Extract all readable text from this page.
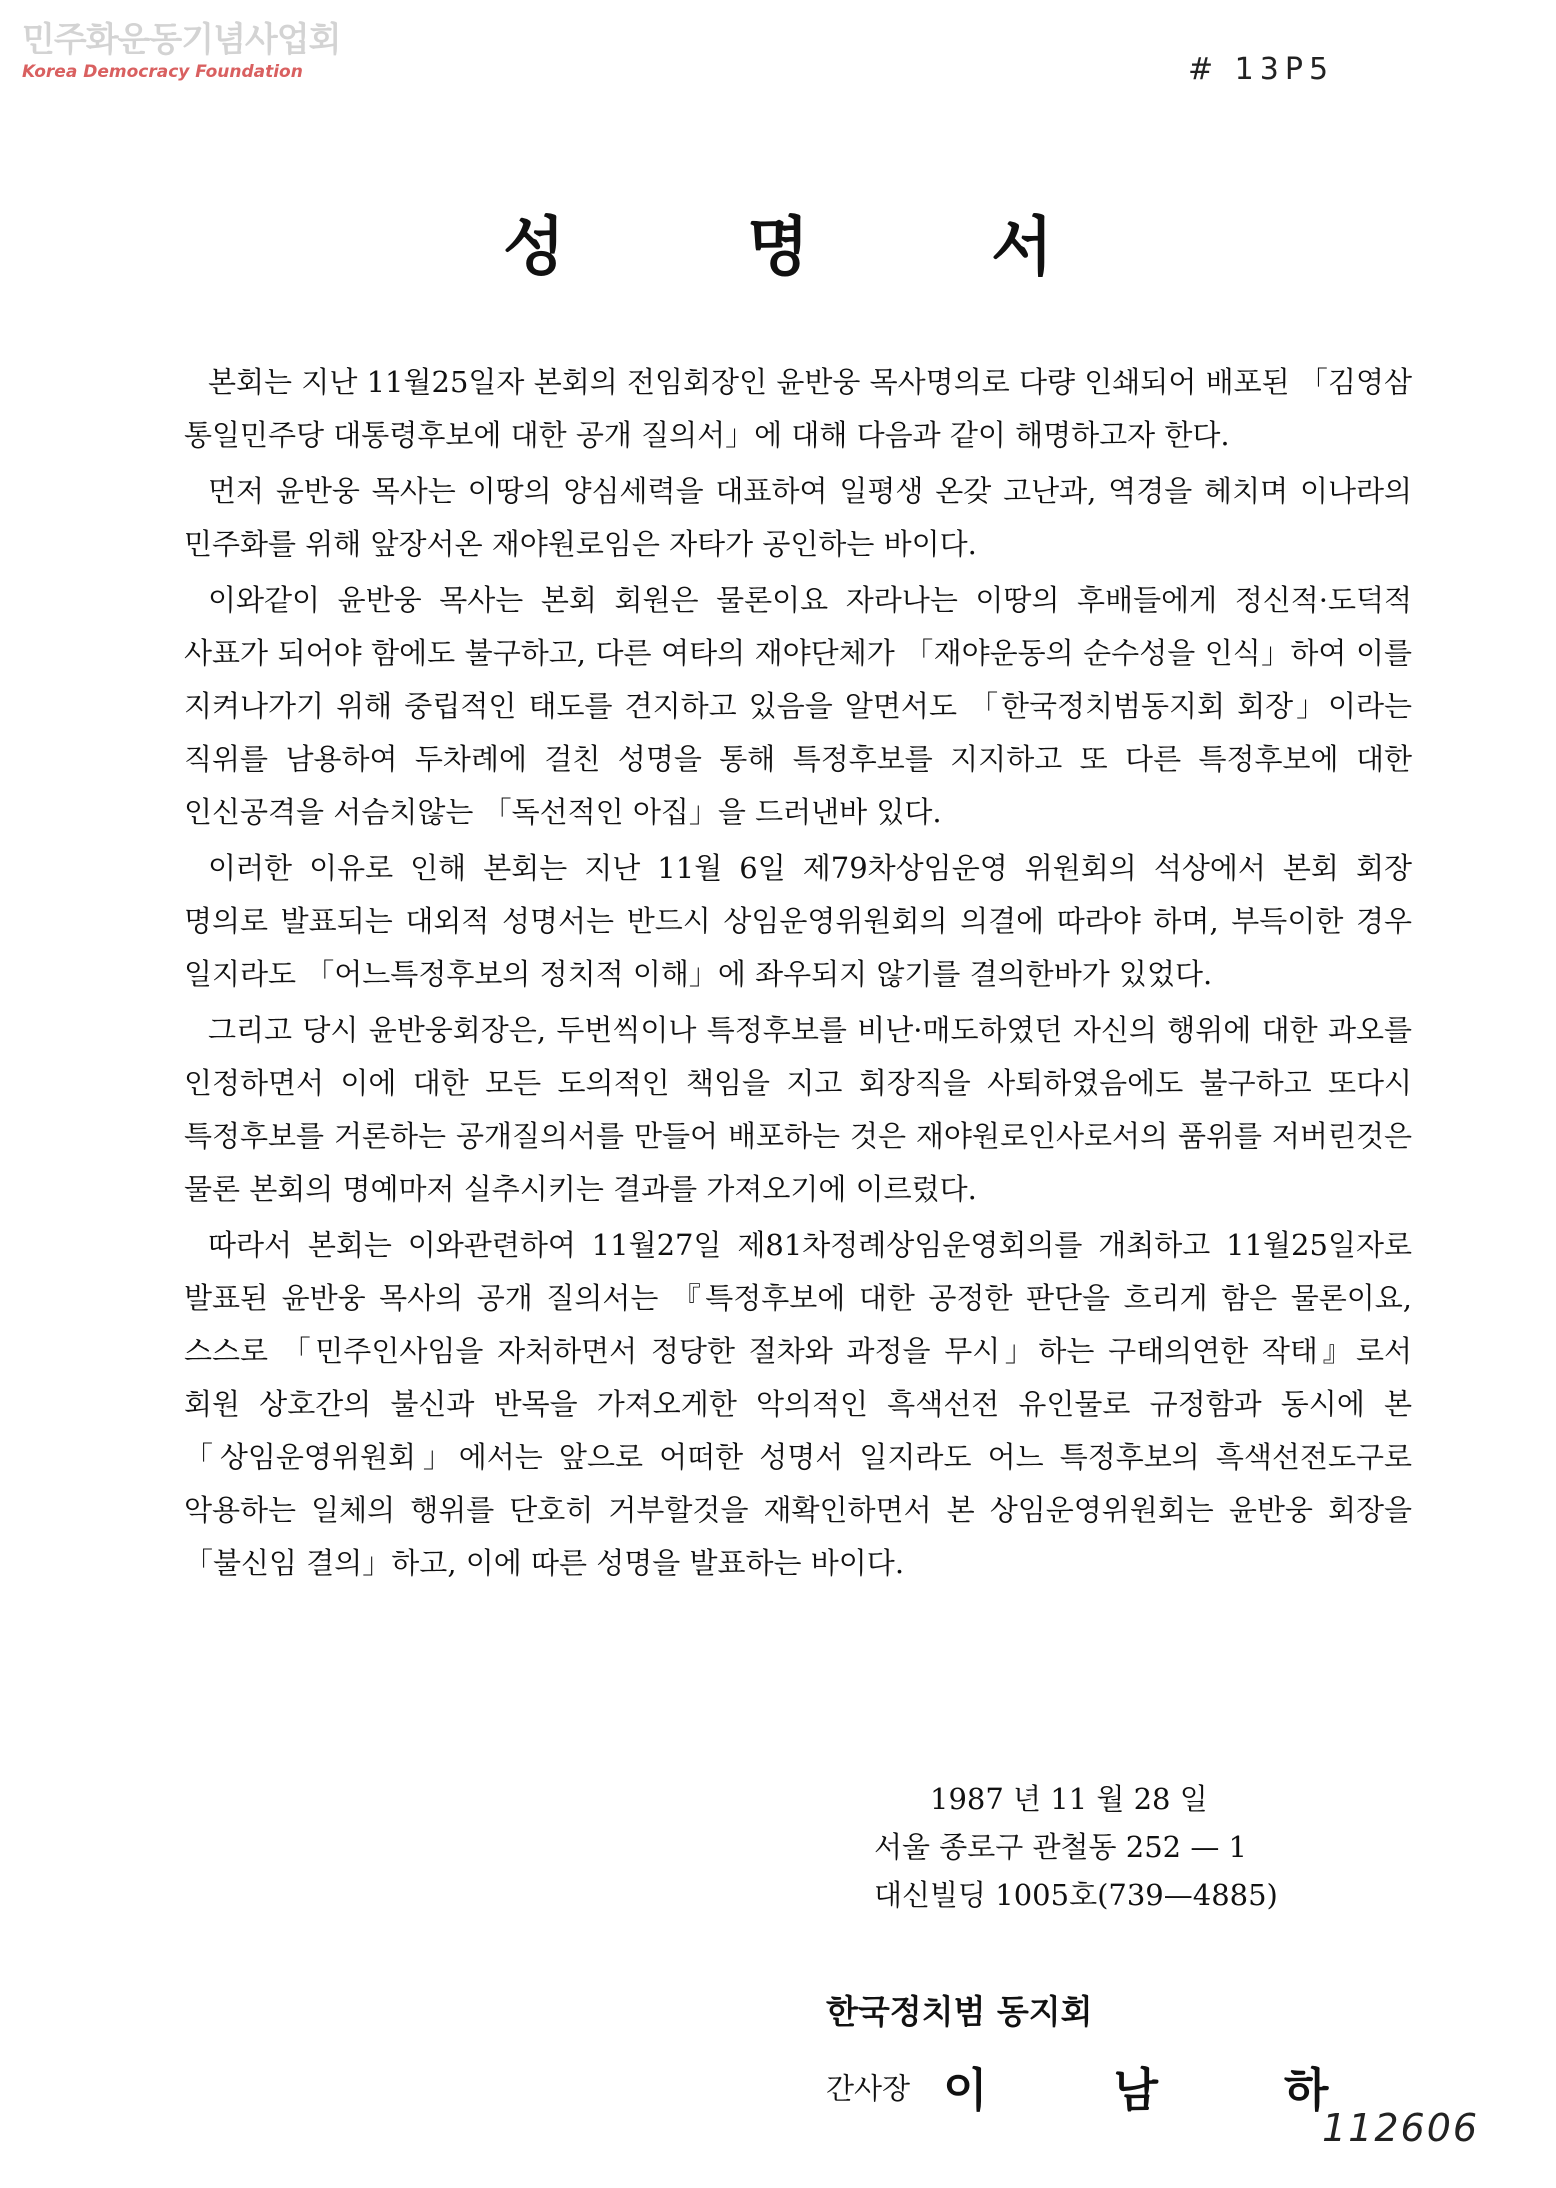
민주화운동기념사업회
Korea Democracy Foundation	# 13P5
성 명 서

본회는 지난 11월25일자 본회의 전임회장인 윤반웅 목사명의로 다량 인쇄되어 배포된 「김영삼 통일민주당 대통령후보에 대한 공개 질의서」에 대해 다음과 같이 해명하고자 한다.

먼저 윤반웅 목사는 이땅의 양심세력을 대표하여 일평생 온갖 고난과, 역경을 헤치며 이나라의 민주화를 위해 앞장서온 재야원로임은 자타가 공인하는 바이다.

이와같이 윤반웅 목사는 본회 회원은 물론이요 자라나는 이땅의 후배들에게 정신적·도덕적 사표가 되어야 함에도 불구하고, 다른 여타의 재야단체가 「재야운동의 순수성을 인식」하여 이를 지켜나가기 위해 중립적인 태도를 견지하고 있음을 알면서도 「한국정치범동지회 회장」이라는 직위를 남용하여 두차례에 걸친 성명을 통해 특정후보를 지지하고 또 다른 특정후보에 대한 인신공격을 서슴치않는 「독선적인 아집」을 드러낸바 있다.

이러한 이유로 인해 본회는 지난 11월 6일 제79차상임운영 위원회의 석상에서 본회 회장 명의로 발표되는 대외적 성명서는 반드시 상임운영위원회의 의결에 따라야 하며, 부득이한 경우 일지라도 「어느특정후보의 정치적 이해」에 좌우되지 않기를 결의한바가 있었다.

그리고 당시 윤반웅회장은, 두번씩이나 특정후보를 비난·매도하였던 자신의 행위에 대한 과오를 인정하면서 이에 대한 모든 도의적인 책임을 지고 회장직을 사퇴하였음에도 불구하고 또다시 특정후보를 거론하는 공개질의서를 만들어 배포하는 것은 재야원로인사로서의 품위를 저버린것은 물론 본회의 명예마저 실추시키는 결과를 가져오기에 이르렀다.

따라서 본회는 이와관련하여 11월27일 제81차정례상임운영회의를 개최하고 11월25일자로 발표된 윤반웅 목사의 공개 질의서는 『특정후보에 대한 공정한 판단을 흐리게 함은 물론이요, 스스로 「민주인사임을 자처하면서 정당한 절차와 과정을 무시」하는 구태의연한 작태』로서 회원 상호간의 불신과 반목을 가져오게한 악의적인 흑색선전 유인물로 규정함과 동시에 본「상임운영위원회」에서는 앞으로 어떠한 성명서 일지라도 어느 특정후보의 흑색선전도구로 악용하는 일체의 행위를 단호히 거부할것을 재확인하면서 본 상임운영위원회는 윤반웅 회장을 「불신임 결의」하고, 이에 따른 성명을 발표하는 바이다.

1987 년 11 월 28 일
서울 종로구 관철동 252 — 1
대신빌딩 1005호(739—4885)
한국정치범 동지회
간사장 이 남 하
112606
